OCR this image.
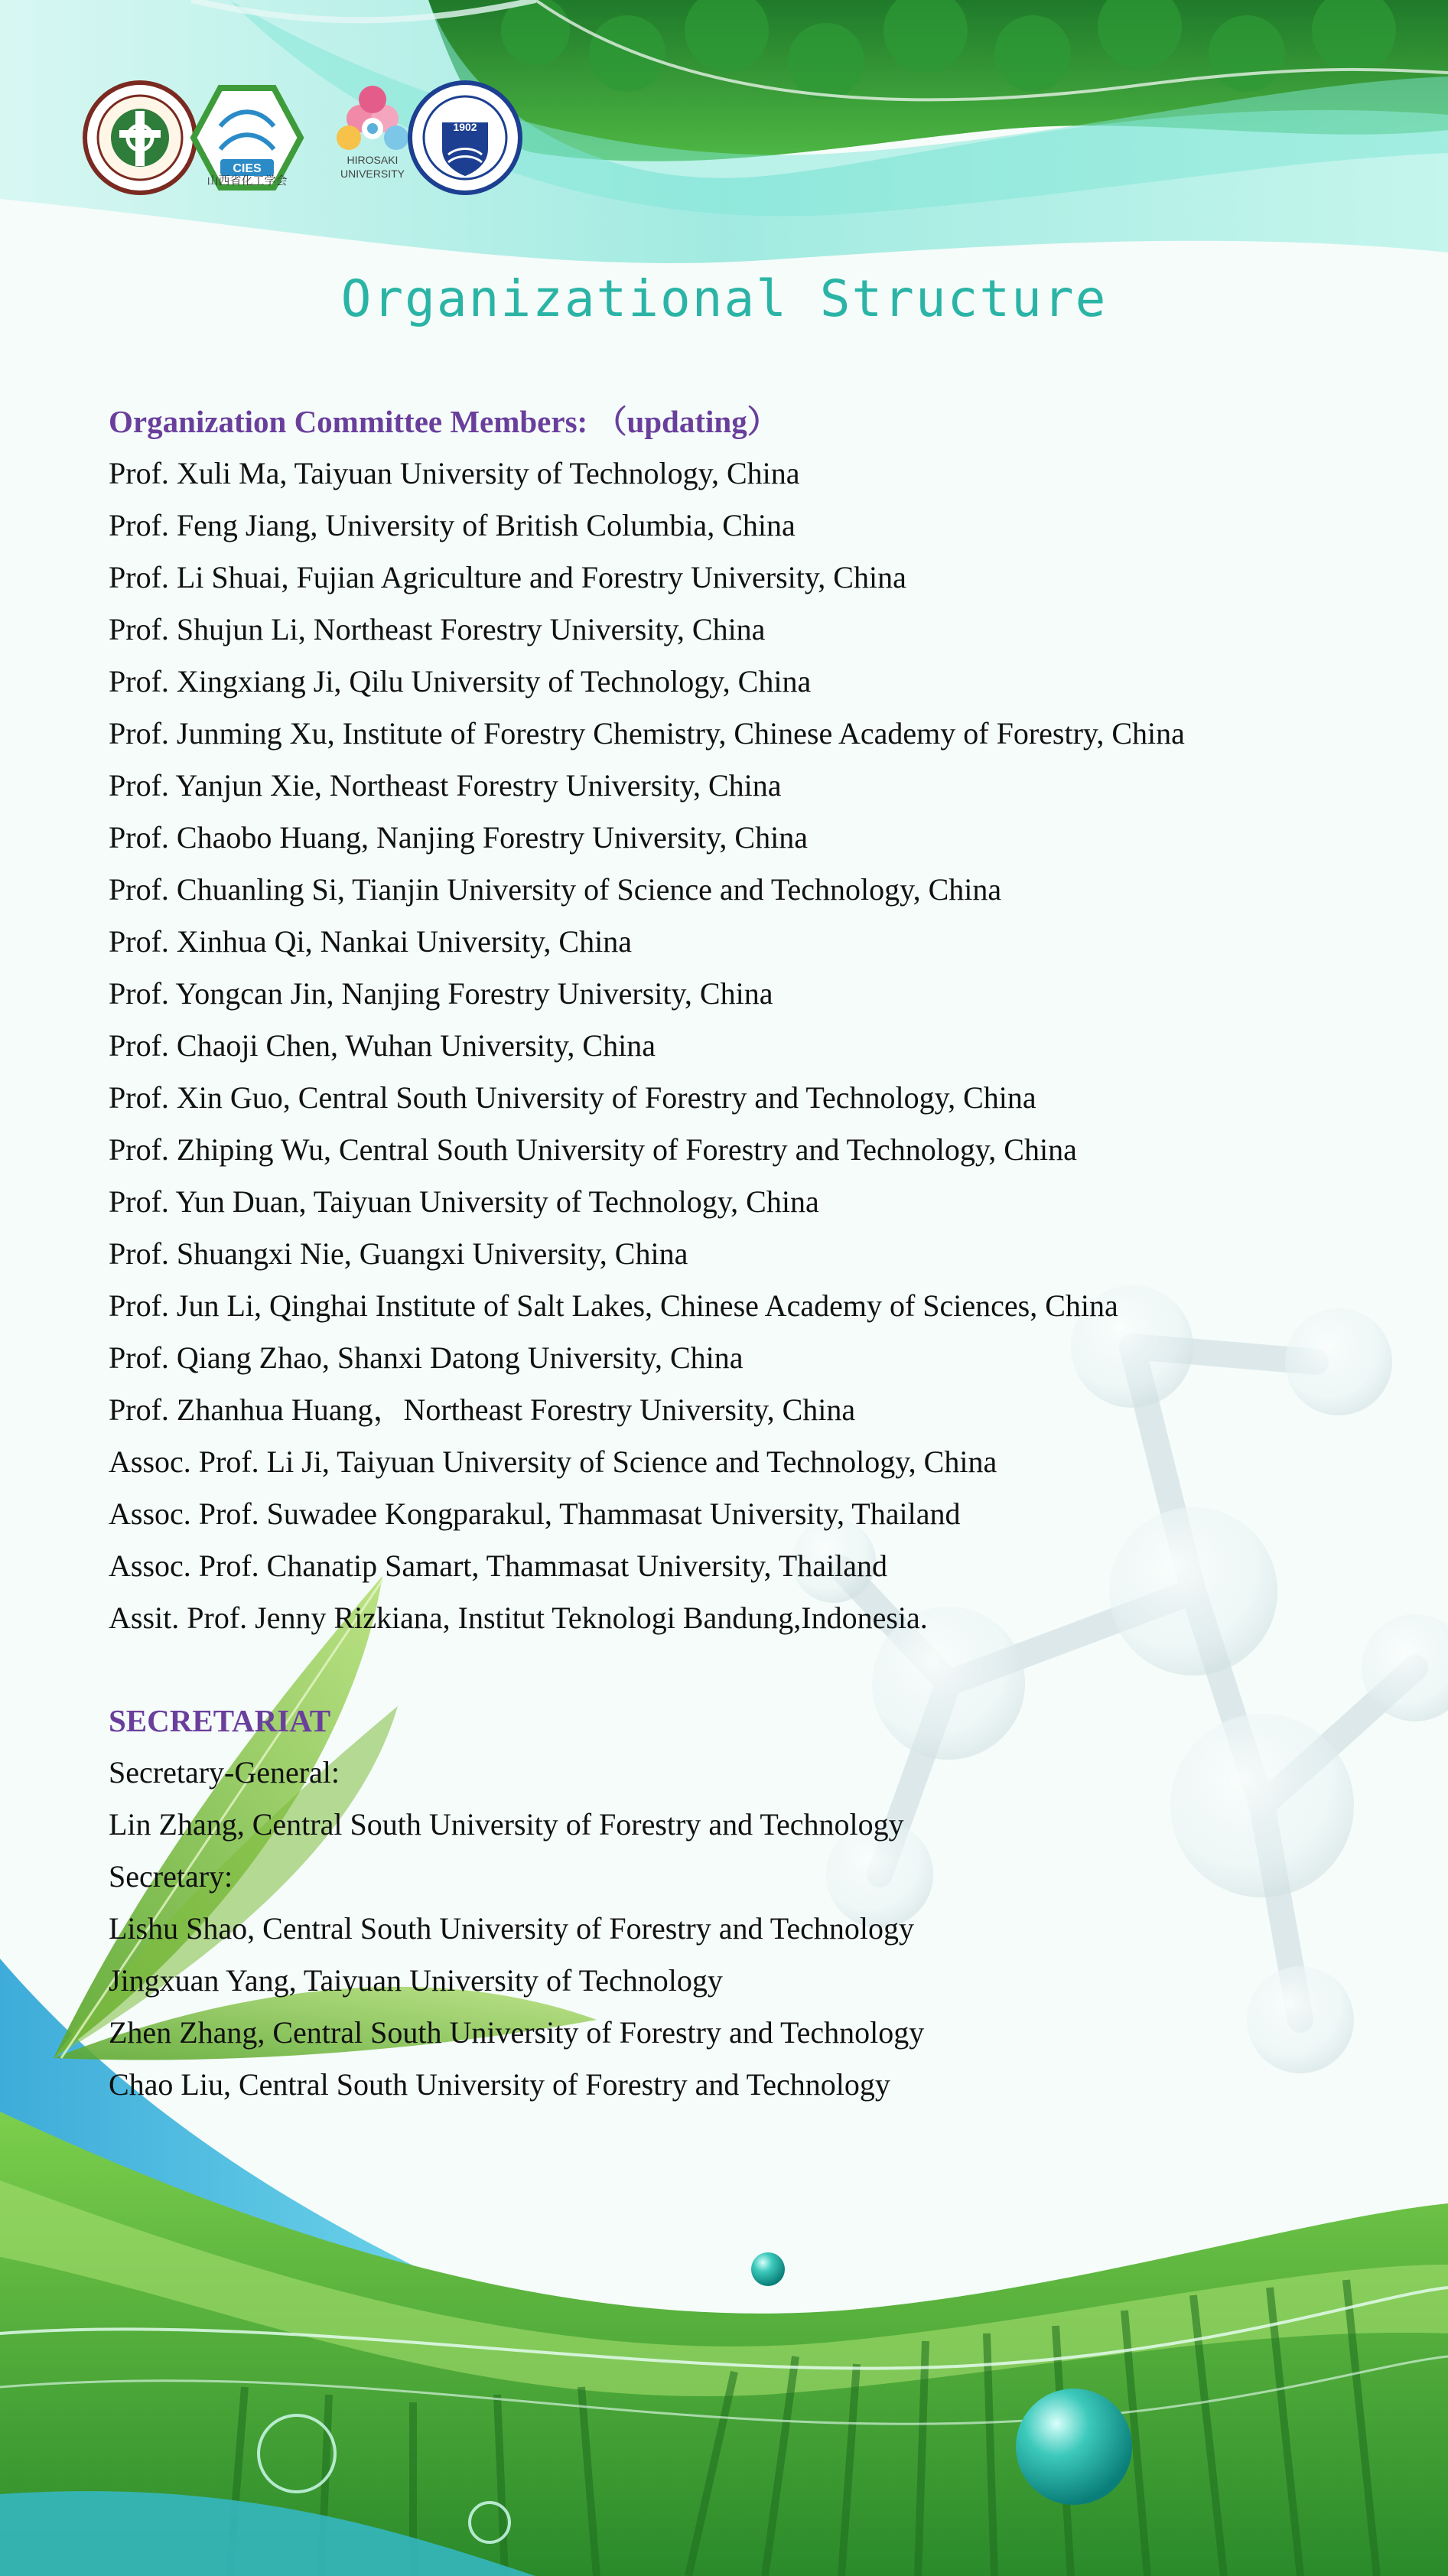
CIES
山西省化工学会
HIROSAKI
UNIVERSITY
1902
Organizational Structure
Organization Committee Members: （updating）
Prof. Xuli Ma, Taiyuan University of Technology, China
Prof. Feng Jiang, University of British Columbia, China
Prof. Li Shuai, Fujian Agriculture and Forestry University, China
Prof. Shujun Li, Northeast Forestry University, China
Prof. Xingxiang Ji, Qilu University of Technology, China
Prof. Junming Xu, Institute of Forestry Chemistry, Chinese Academy of Forestry, China
Prof. Yanjun Xie, Northeast Forestry University, China
Prof. Chaobo Huang, Nanjing Forestry University, China
Prof. Chuanling Si, Tianjin University of Science and Technology, China
Prof. Xinhua Qi, Nankai University, China
Prof. Yongcan Jin, Nanjing Forestry University, China
Prof. Chaoji Chen, Wuhan University, China
Prof. Xin Guo, Central South University of Forestry and Technology, China
Prof. Zhiping Wu, Central South University of Forestry and Technology, China
Prof. Yun Duan, Taiyuan University of Technology, China
Prof. Shuangxi Nie, Guangxi University, China
Prof. Jun Li, Qinghai Institute of Salt Lakes, Chinese Academy of Sciences, China
Prof. Qiang Zhao, Shanxi Datong University, China
Prof. Zhanhua Huang，Northeast Forestry University, China
Assoc. Prof. Li Ji, Taiyuan University of Science and Technology, China
Assoc. Prof. Suwadee Kongparakul, Thammasat University, Thailand
Assoc. Prof. Chanatip Samart, Thammasat University, Thailand
Assit. Prof. Jenny Rizkiana, Institut Teknologi Bandung,Indonesia.
SECRETARIAT
Secretary-General:
Lin Zhang, Central South University of Forestry and Technology
Secretary:
Lishu Shao, Central South University of Forestry and Technology
Jingxuan Yang, Taiyuan University of Technology
Zhen Zhang, Central South University of Forestry and Technology
Chao Liu, Central South University of Forestry and Technology
